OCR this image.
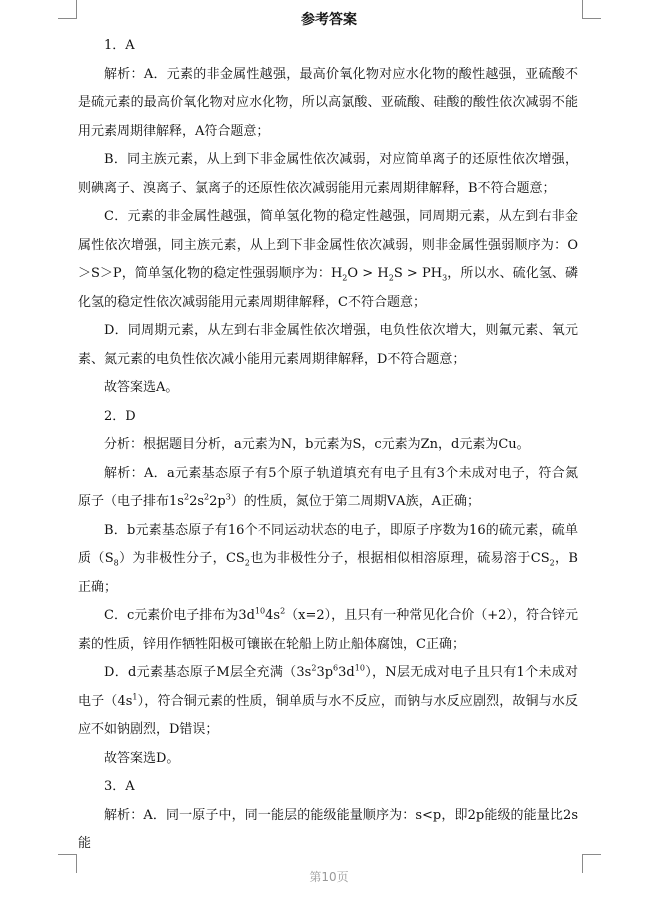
参考答案

1．A

解析：A．元素的非金属性越强，最高价氧化物对应水化物的酸性越强，亚硫酸不是硫元素的最高价氧化物对应水化物，所以高氯酸、亚硫酸、硅酸的酸性依次减弱不能用元素周期律解释，A符合题意；

B．同主族元素，从上到下非金属性依次减弱，对应简单离子的还原性依次增强，则碘离子、溴离子、氯离子的还原性依次减弱能用元素周期律解释，B不符合题意；

C．元素的非金属性越强，简单氢化物的稳定性越强，同周期元素，从左到右非金属性依次增强，同主族元素，从上到下非金属性依次减弱，则非金属性强弱顺序为：O＞S＞P，简单氢化物的稳定性强弱顺序为：$H_2O > H_2S > PH_3$，所以水、硫化氢、磷化氢的稳定性依次减弱能用元素周期律解释，C不符合题意；

D．同周期元素，从左到右非金属性依次增强，电负性依次增大，则氟元素、氧元素、氮元素的电负性依次减小能用元素周期律解释，D不符合题意；

故答案选A。

2．D

分析：根据题目分析，a元素为N，b元素为S，c元素为Zn，d元素为Cu。

解析：A．a元素基态原子有5个原子轨道填充有电子且有3个未成对电子，符合氮原子（电子排布$1s^22s^22p^3$）的性质，氮位于第二周期ⅤA族，A正确；

B．b元素基态原子有16个不同运动状态的电子，即原子序数为16的硫元素，硫单质$(S_8)$为非极性分子，$CS_2$也为非极性分子，根据相似相溶原理，硫易溶于$CS_2$，B正确；

C．c元素价电子排布为$3d^{10}4s^2(x=2)$，且只有一种常见化合价（+2），符合锌元素的性质，锌用作牺牲阳极可镶嵌在轮船上防止船体腐蚀，C正确；

D．d元素基态原子M层全充满$(3s^23p^63d^{10})$，N层无成对电子且只有1个未成对电子$(4s^1)$，符合铜元素的性质，铜单质与水不反应，而钠与水反应剧烈，故铜与水反应不如钠剧烈，D错误；

故答案选D。

3．A

解析：A．同一原子中，同一能层的能级能量顺序为：s<p，即2p能级的能量比2s能

第10页
